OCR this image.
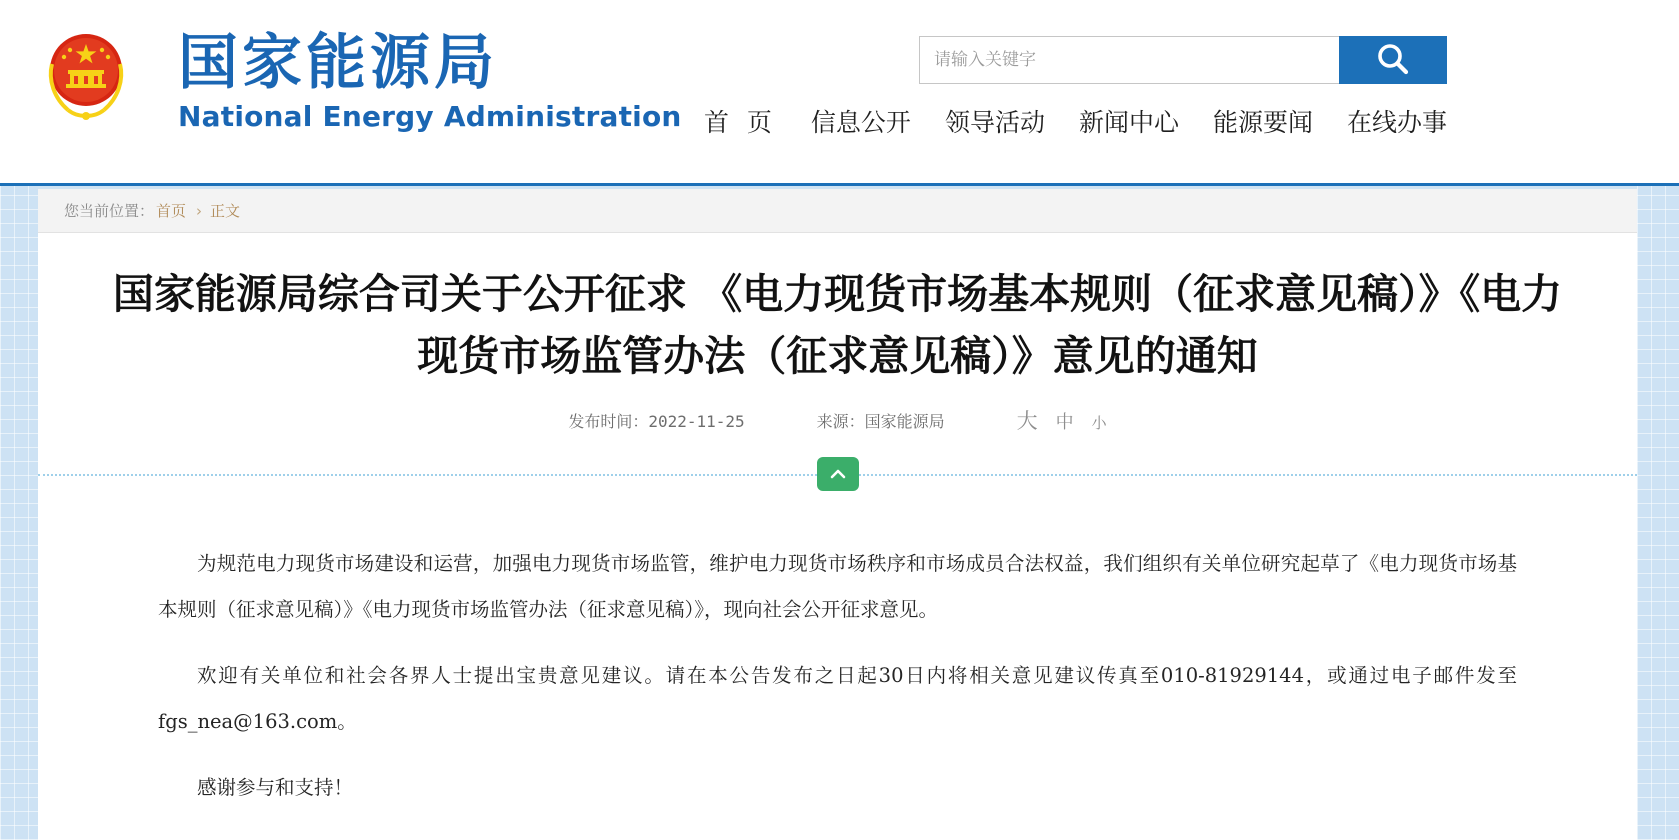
国家能源局
National Energy Administration
请输入关键字 首 页 信息公开 领导活动 新闻中心 能源要闻 在线办事
您当前位置： 首页 › 正文
国家能源局综合司关于公开征求 《电力现货市场基本规则（征求意见稿）》《电力现货市场监管办法（征求意见稿）》意见的通知
发布时间：2022-11-25	来源：国家能源局	大 中 小

为规范电力现货市场建设和运营，加强电力现货市场监管，维护电力现货市场秩序和市场成员合法权益，我们组织有关单位研究起草了《电力现货市场基本规则（征求意见稿）》《电力现货市场监管办法（征求意见稿）》，现向社会公开征求意见。

欢迎有关单位和社会各界人士提出宝贵意见建议。请在本公告发布之日起30日内将相关意见建议传真至010-81929144，或通过电子邮件发至fgs_nea@163.com。

感谢参与和支持！
